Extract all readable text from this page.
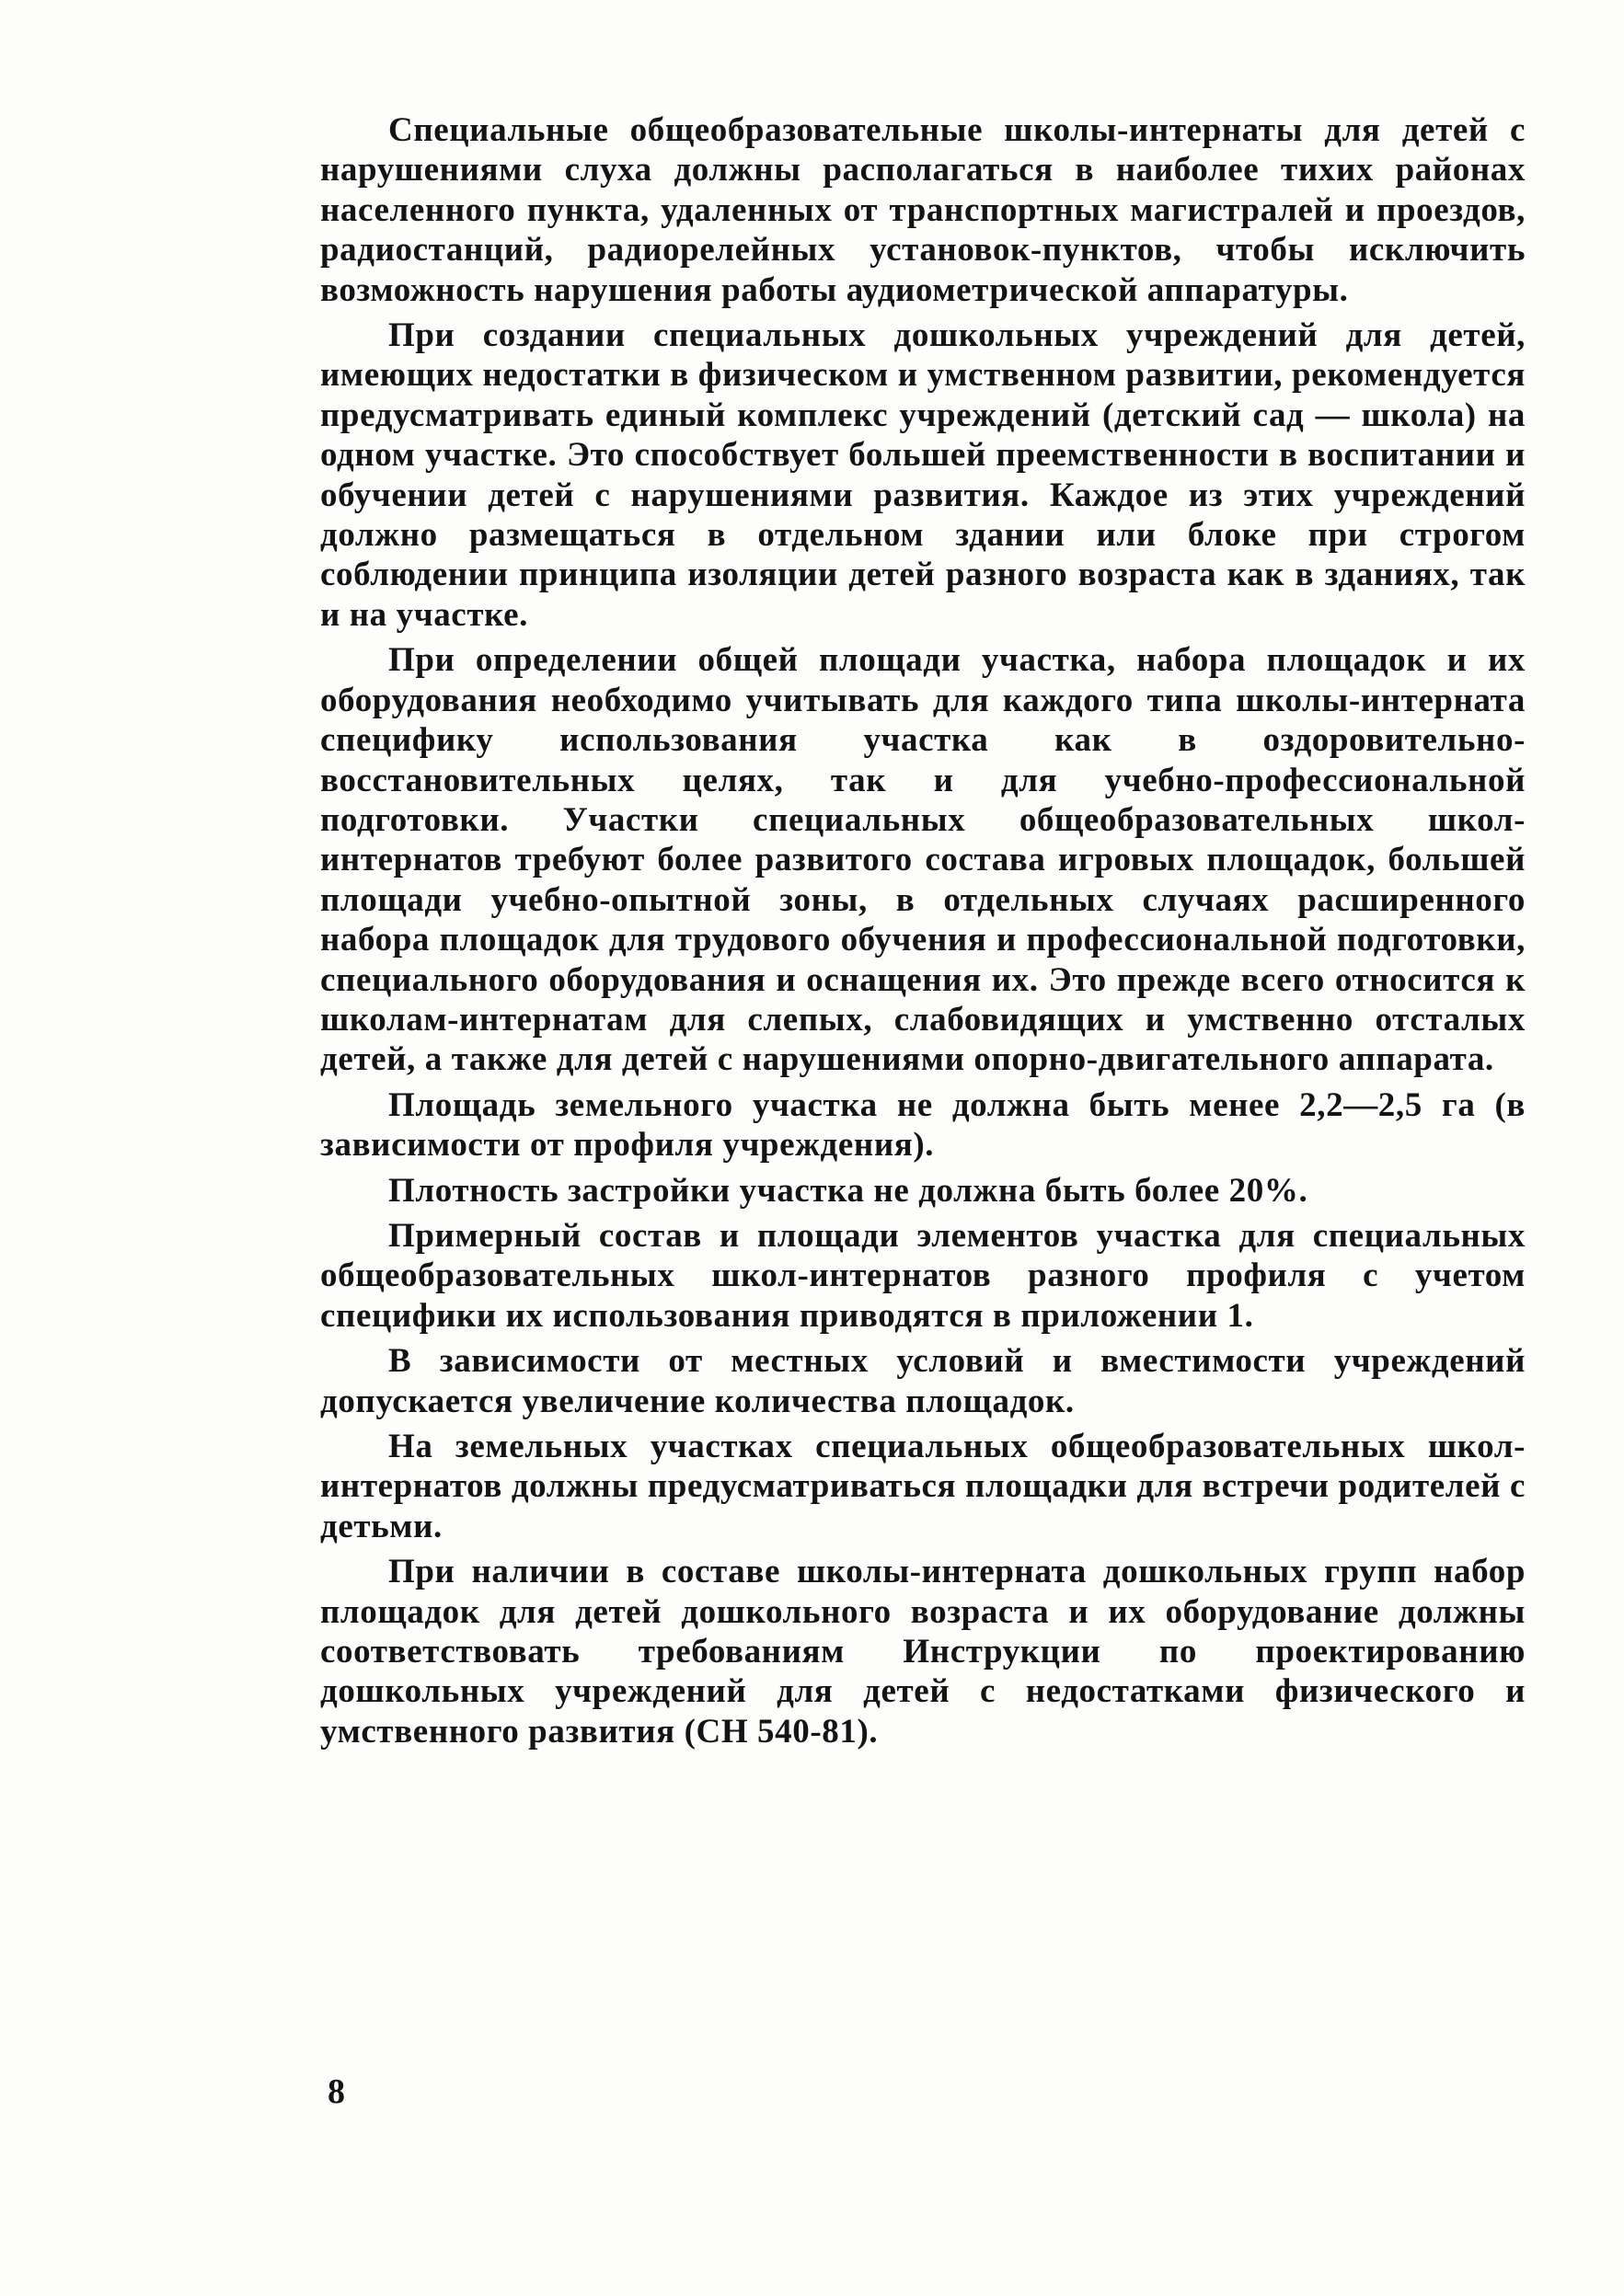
Специальные общеобразовательные школы-интернаты для детей с нарушениями слуха должны располагаться в наиболее тихих районах населенного пункта, удаленных от транспортных магистралей и проездов, радиостанций, радиорелейных установок-пунктов, чтобы исключить возможность нарушения работы аудиометрической аппаратуры.

При создании специальных дошкольных учреждений для детей, имеющих недостатки в физическом и умственном развитии, рекомендуется предусматривать единый комплекс учреждений (детский сад — школа) на одном участке. Это способствует большей преемственности в воспитании и обучении детей с нарушениями развития. Каждое из этих учреждений должно размещаться в отдельном здании или блоке при строгом соблюдении принципа изоляции детей разного возраста как в зданиях, так и на участке.

При определении общей площади участка, набора площадок и их оборудования необходимо учитывать для каждого типа школы-интерната специфику использования участка как в оздоровительно-восстановительных целях, так и для учебно-профессиональной подготовки. Участки специальных общеобразовательных школ-интернатов требуют более развитого состава игровых площадок, большей площади учебно-опытной зоны, в отдельных случаях расширенного набора площадок для трудового обучения и профессиональной подготовки, специального оборудования и оснащения их. Это прежде всего относится к школам-интернатам для слепых, слабовидящих и умственно отсталых детей, а также для детей с нарушениями опорно-двигательного аппарата.

Площадь земельного участка не должна быть менее 2,2—2,5 га (в зависимости от профиля учреждения).

Плотность застройки участка не должна быть более 20%.

Примерный состав и площади элементов участка для специальных общеобразовательных школ-интернатов разного профиля с учетом специфики их использования приводятся в приложении 1.

В зависимости от местных условий и вместимости учреждений допускается увеличение количества площадок.

На земельных участках специальных общеобразовательных школ-интернатов должны предусматриваться площадки для встречи родителей с детьми.

При наличии в составе школы-интерната дошкольных групп набор площадок для детей дошкольного возраста и их оборудование должны соответствовать требованиям Инструкции по проектированию дошкольных учреждений для детей с недостатками физического и умственного развития (СН 540-81).

8
